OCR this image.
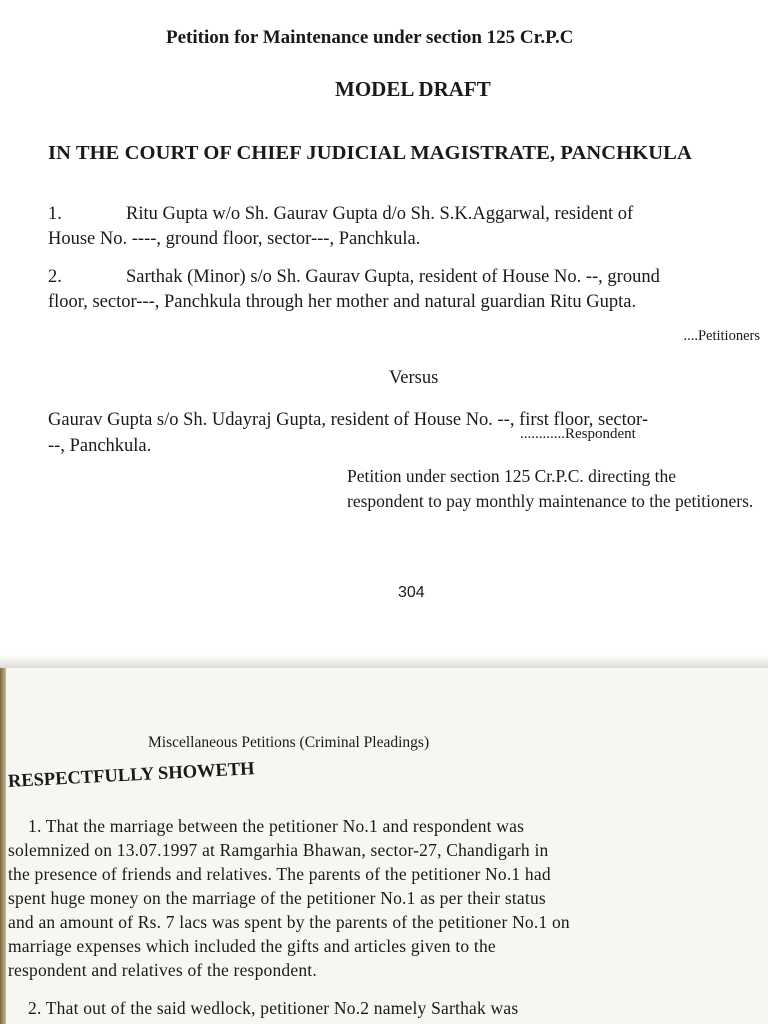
Petition for Maintenance under section 125 Cr.P.C

MODEL DRAFT

IN THE COURT OF CHIEF JUDICIAL MAGISTRATE, PANCHKULA

1.	Ritu Gupta w/o Sh. Gaurav Gupta d/o Sh. S.K.Aggarwal, resident of

House No. ----, ground floor, sector---, Panchkula.

2.	Sarthak (Minor) s/o Sh. Gaurav Gupta, resident of House No. --, ground

floor, sector---, Panchkula through her mother and natural guardian Ritu Gupta.

....Petitioners

Versus

Gaurav Gupta s/o Sh. Udayraj Gupta, resident of House No. --, first floor, sector-

--, Panchkula.

............Respondent

Petition under section 125 Cr.P.C. directing the respondent to pay monthly maintenance to the petitioners.

304

Miscellaneous Petitions (Criminal Pleadings)

RESPECTFULLY SHOWETH

1. That the marriage between the petitioner No.1 and respondent was

solemnized on 13.07.1997 at Ramgarhia Bhawan, sector-27, Chandigarh in

the presence of friends and relatives. The parents of the petitioner No.1 had

spent huge money on the marriage of the petitioner No.1 as per their status

and an amount of Rs. 7 lacs was spent by the parents of the petitioner No.1 on

marriage expenses which included the gifts and articles given to the

respondent and relatives of the respondent.

2. That out of the said wedlock, petitioner No.2 namely Sarthak was
